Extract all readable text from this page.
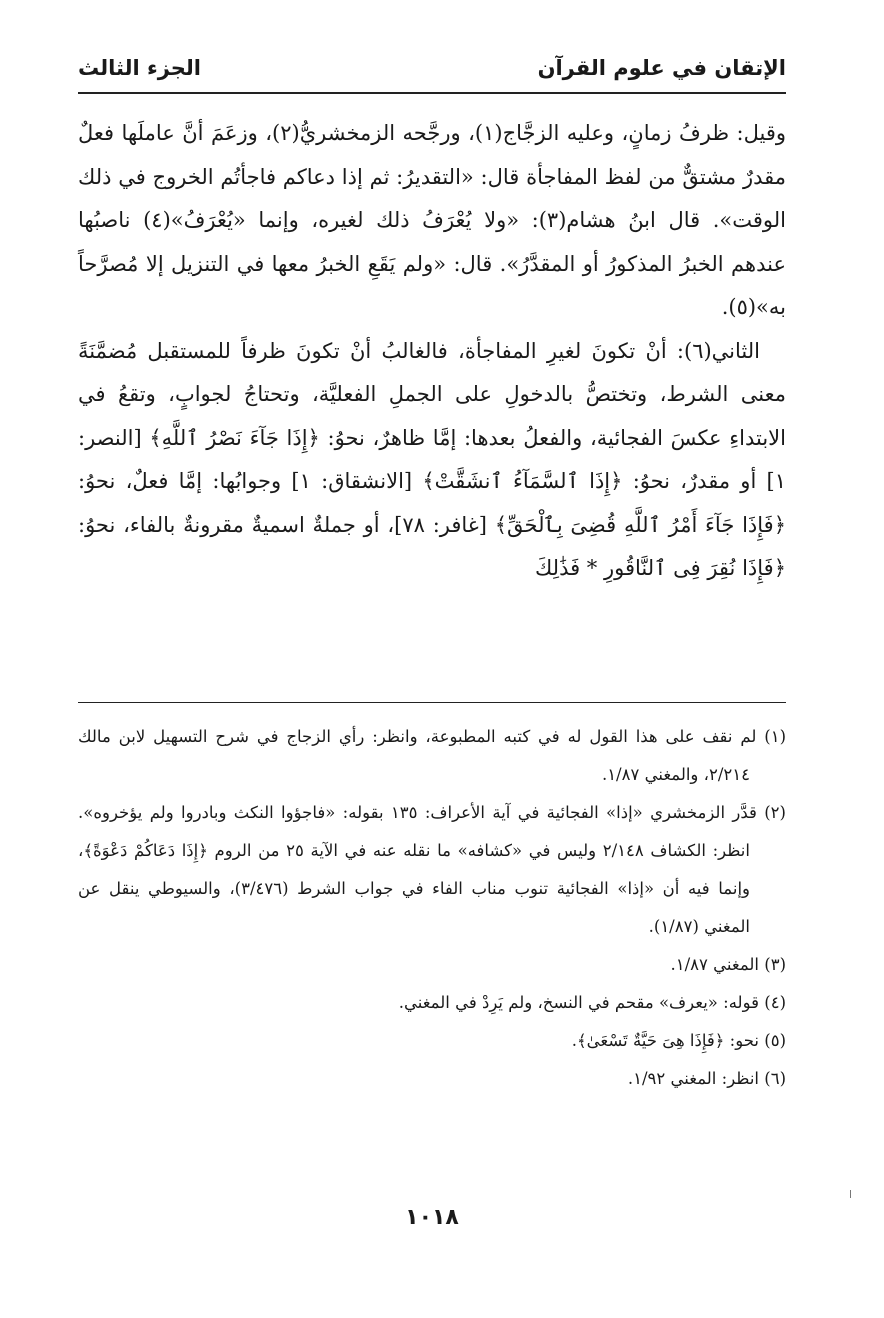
الإتقان في علوم القرآن
الجزء الثالث

وقيل: ظرفُ زمانٍ، وعليه الزجَّاج(١)، ورجَّحه الزمخشريُّ(٢)، وزعَمَ أنَّ عاملَها فعلٌ مقدرٌ مشتقٌّ من لفظ المفاجأة قال: «التقديرُ: ثم إذا دعاكم فاجأتُم الخروج في ذلك الوقت». قال ابنُ هشام(٣): «ولا يُعْرَفُ ذلك لغيره، وإنما «يُعْرَفُ»(٤) ناصبُها عندهم الخبرُ المذكورُ أو المقدَّرُ». قال: «ولم يَقَعِ الخبرُ معها في التنزيل إلا مُصرَّحاً به»(٥).

الثاني(٦): أنْ تكونَ لغيرِ المفاجأة، فالغالبُ أنْ تكونَ ظرفاً للمستقبل مُضمَّنَةً معنى الشرط، وتختصُّ بالدخولِ على الجملِ الفعليَّة، وتحتاجُ لجوابٍ، وتقعُ في الابتداءِ عكسَ الفجائية، والفعلُ بعدها: إمَّا ظاهرٌ، نحوُ: ﴿إِذَا جَآءَ نَصْرُ ٱللَّهِ﴾ [النصر: ١] أو مقدرٌ، نحوُ: ﴿إِذَا ٱلسَّمَآءُ ٱنشَقَّتْ﴾ [الانشقاق: ١] وجوابُها: إمَّا فعلٌ، نحوُ: ﴿فَإِذَا جَآءَ أَمْرُ ٱللَّهِ قُضِىَ بِٱلْحَقِّ﴾ [غافر: ٧٨]، أو جملةٌ اسميةٌ مقرونةٌ بالفاء، نحوُ: ﴿فَإِذَا نُقِرَ فِى ٱلنَّاقُورِ * فَذَٰلِكَ

(١) لم نقف على هذا القول له في كتبه المطبوعة، وانظر: رأي الزجاج في شرح التسهيل لابن مالك ٢/٢١٤، والمغني ١/٨٧.

(٢) قدَّر الزمخشري «إذا» الفجائية في آية الأعراف: ١٣٥ بقوله: «فاجؤوا النكث وبادروا ولم يؤخروه». انظر: الكشاف ٢/١٤٨ وليس في «كشافه» ما نقله عنه في الآية ٢٥ من الروم ﴿إِذَا دَعَاكُمْ دَعْوَةً﴾، وإنما فيه أن «إذا» الفجائية تنوب مناب الفاء في جواب الشرط (٣/٤٧٦)، والسيوطي ينقل عن المغني (١/٨٧).

(٣) المغني ١/٨٧.

(٤) قوله: «يعرف» مقحم في النسخ، ولم يَرِدْ في المغني.

(٥) نحو: ﴿فَإِذَا هِىَ حَيَّةٌ تَسْعَىٰ﴾.

(٦) انظر: المغني ١/٩٢.

١٠١٨
